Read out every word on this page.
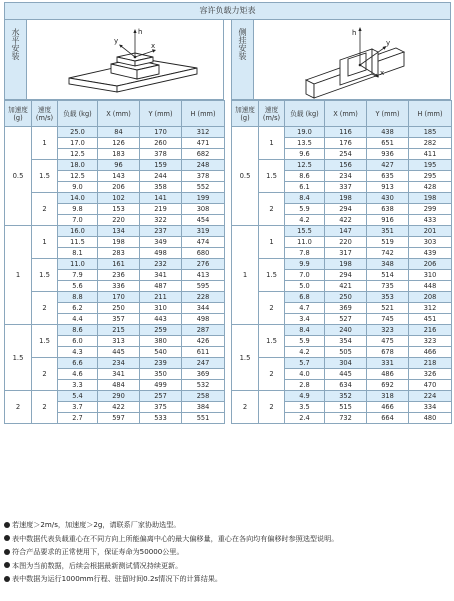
容许负载力矩表
水平安装	h
y
x
加速度 (g)	速度 (m/s)	负载 (kg)	X (mm)	Y (mm)	H (mm)
0.5	1	25.0	84	170	312
		17.0	126	260	471
		12.5	183	378	682
	1.5	18.0	96	159	248
		12.5	143	244	378
		9.0	206	358	552
	2	14.0	102	141	199
		9.8	153	219	308
		7.0	220	322	454
1	1	16.0	134	237	319
		11.5	198	349	474
		8.1	283	498	680
	1.5	11.0	161	232	276
		7.9	236	341	413
		5.6	336	487	595
	2	8.8	170	211	228
		6.2	250	310	344
		4.4	357	443	498
1.5	1.5	8.6	215	259	287
		6.0	313	380	426
		4.3	445	540	611
	2	6.6	234	239	247
		4.6	341	350	369
		3.3	484	499	532
2	2	5.4	290	257	258
		3.7	422	375	384
		2.7	597	533	551
侧挂安装	h
y
x
加速度 (g)	速度 (m/s)	负载 (kg)	X (mm)	Y (mm)	H (mm)
0.5	1	19.0	116	438	185
		13.5	176	651	282
		9.6	254	936	411
	1.5	12.5	156	427	195
		8.6	234	635	295
		6.1	337	913	428
	2	8.4	198	430	198
		5.9	294	638	299
		4.2	422	916	433
1	1	15.5	147	351	201
		11.0	220	519	303
		7.8	317	742	439
	1.5	9.9	198	348	206
		7.0	294	514	310
		5.0	421	735	448
	2	6.8	250	353	208
		4.7	369	521	312
		3.4	527	745	451
1.5	1.5	8.4	240	323	216
		5.9	354	475	323
		4.2	505	678	466
	2	5.7	304	331	218
		4.0	445	486	326
		2.8	634	692	470
2	2	4.9	352	318	224
		3.5	515	466	334
		2.4	732	664	480
若速度＞2m/s，加速度＞2g，请联系厂家协助选型。
表中数据代表负载重心在不同方向上所能偏离中心的最大偏移量，重心在各向均有偏移时参照选型说明。
符合产品要求的正常使用下，保证寿命为50000公里。
本图为当前数据，后续会根据最新测试情况持续更新。
表中数据为运行1000mm行程、驻留时间0.2s情况下的计算结果。
